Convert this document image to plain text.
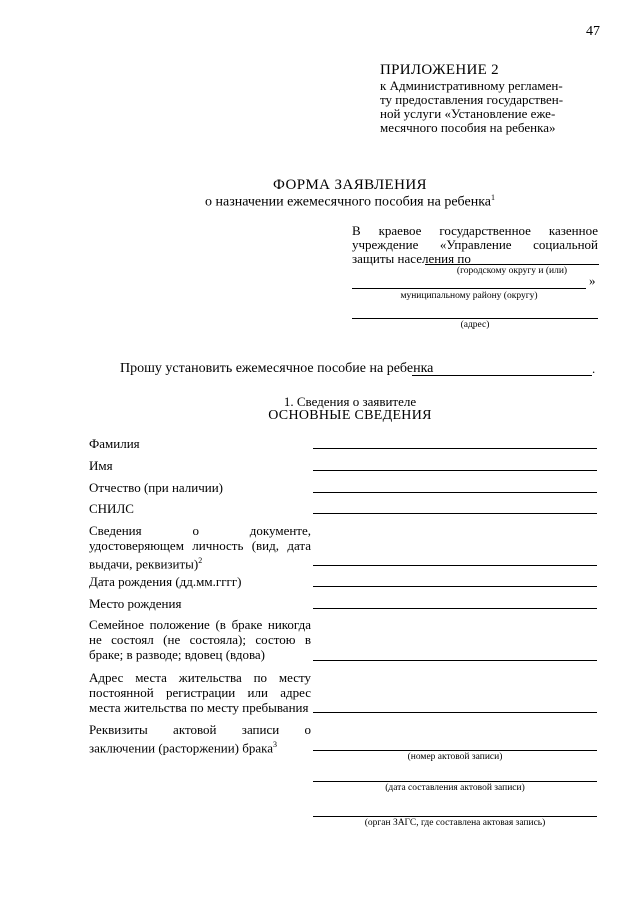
47
ПРИЛОЖЕНИЕ 2
к Административному регламен-
ту предоставления государствен-
ной услуги «Установление еже-
месячного пособия на ребенка»
ФОРМА ЗАЯВЛЕНИЯ
о назначении ежемесячного пособия на ребенка$^1$
В краевое государственное казенное учреждение «Управление социальной защиты населения по
(городскому округу и (или)
»
муниципальному району (округу)
(адрес)
Прошу установить ежемесячное пособие на ребенка	.
1. Сведения о заявителе
ОСНОВНЫЕ СВЕДЕНИЯ
Фамилия
Имя
Отчество (при наличии)
СНИЛС
Сведения о документе, удостоверяющем личность (вид, дата выдачи, реквизиты)$^2$
Дата рождения (дд.мм.гггг)
Место рождения
Семейное положение (в браке никогда не состоял (не состояла); состою в браке; в разводе; вдовец (вдова)
Адрес места жительства по месту постоянной регистрации или адрес места жительства по месту пребывания
Реквизиты актовой записи о заключении (расторжении) брака$^3$
(номер актовой записи)
(дата составления актовой записи)
(орган ЗАГС, где составлена актовая запись)
